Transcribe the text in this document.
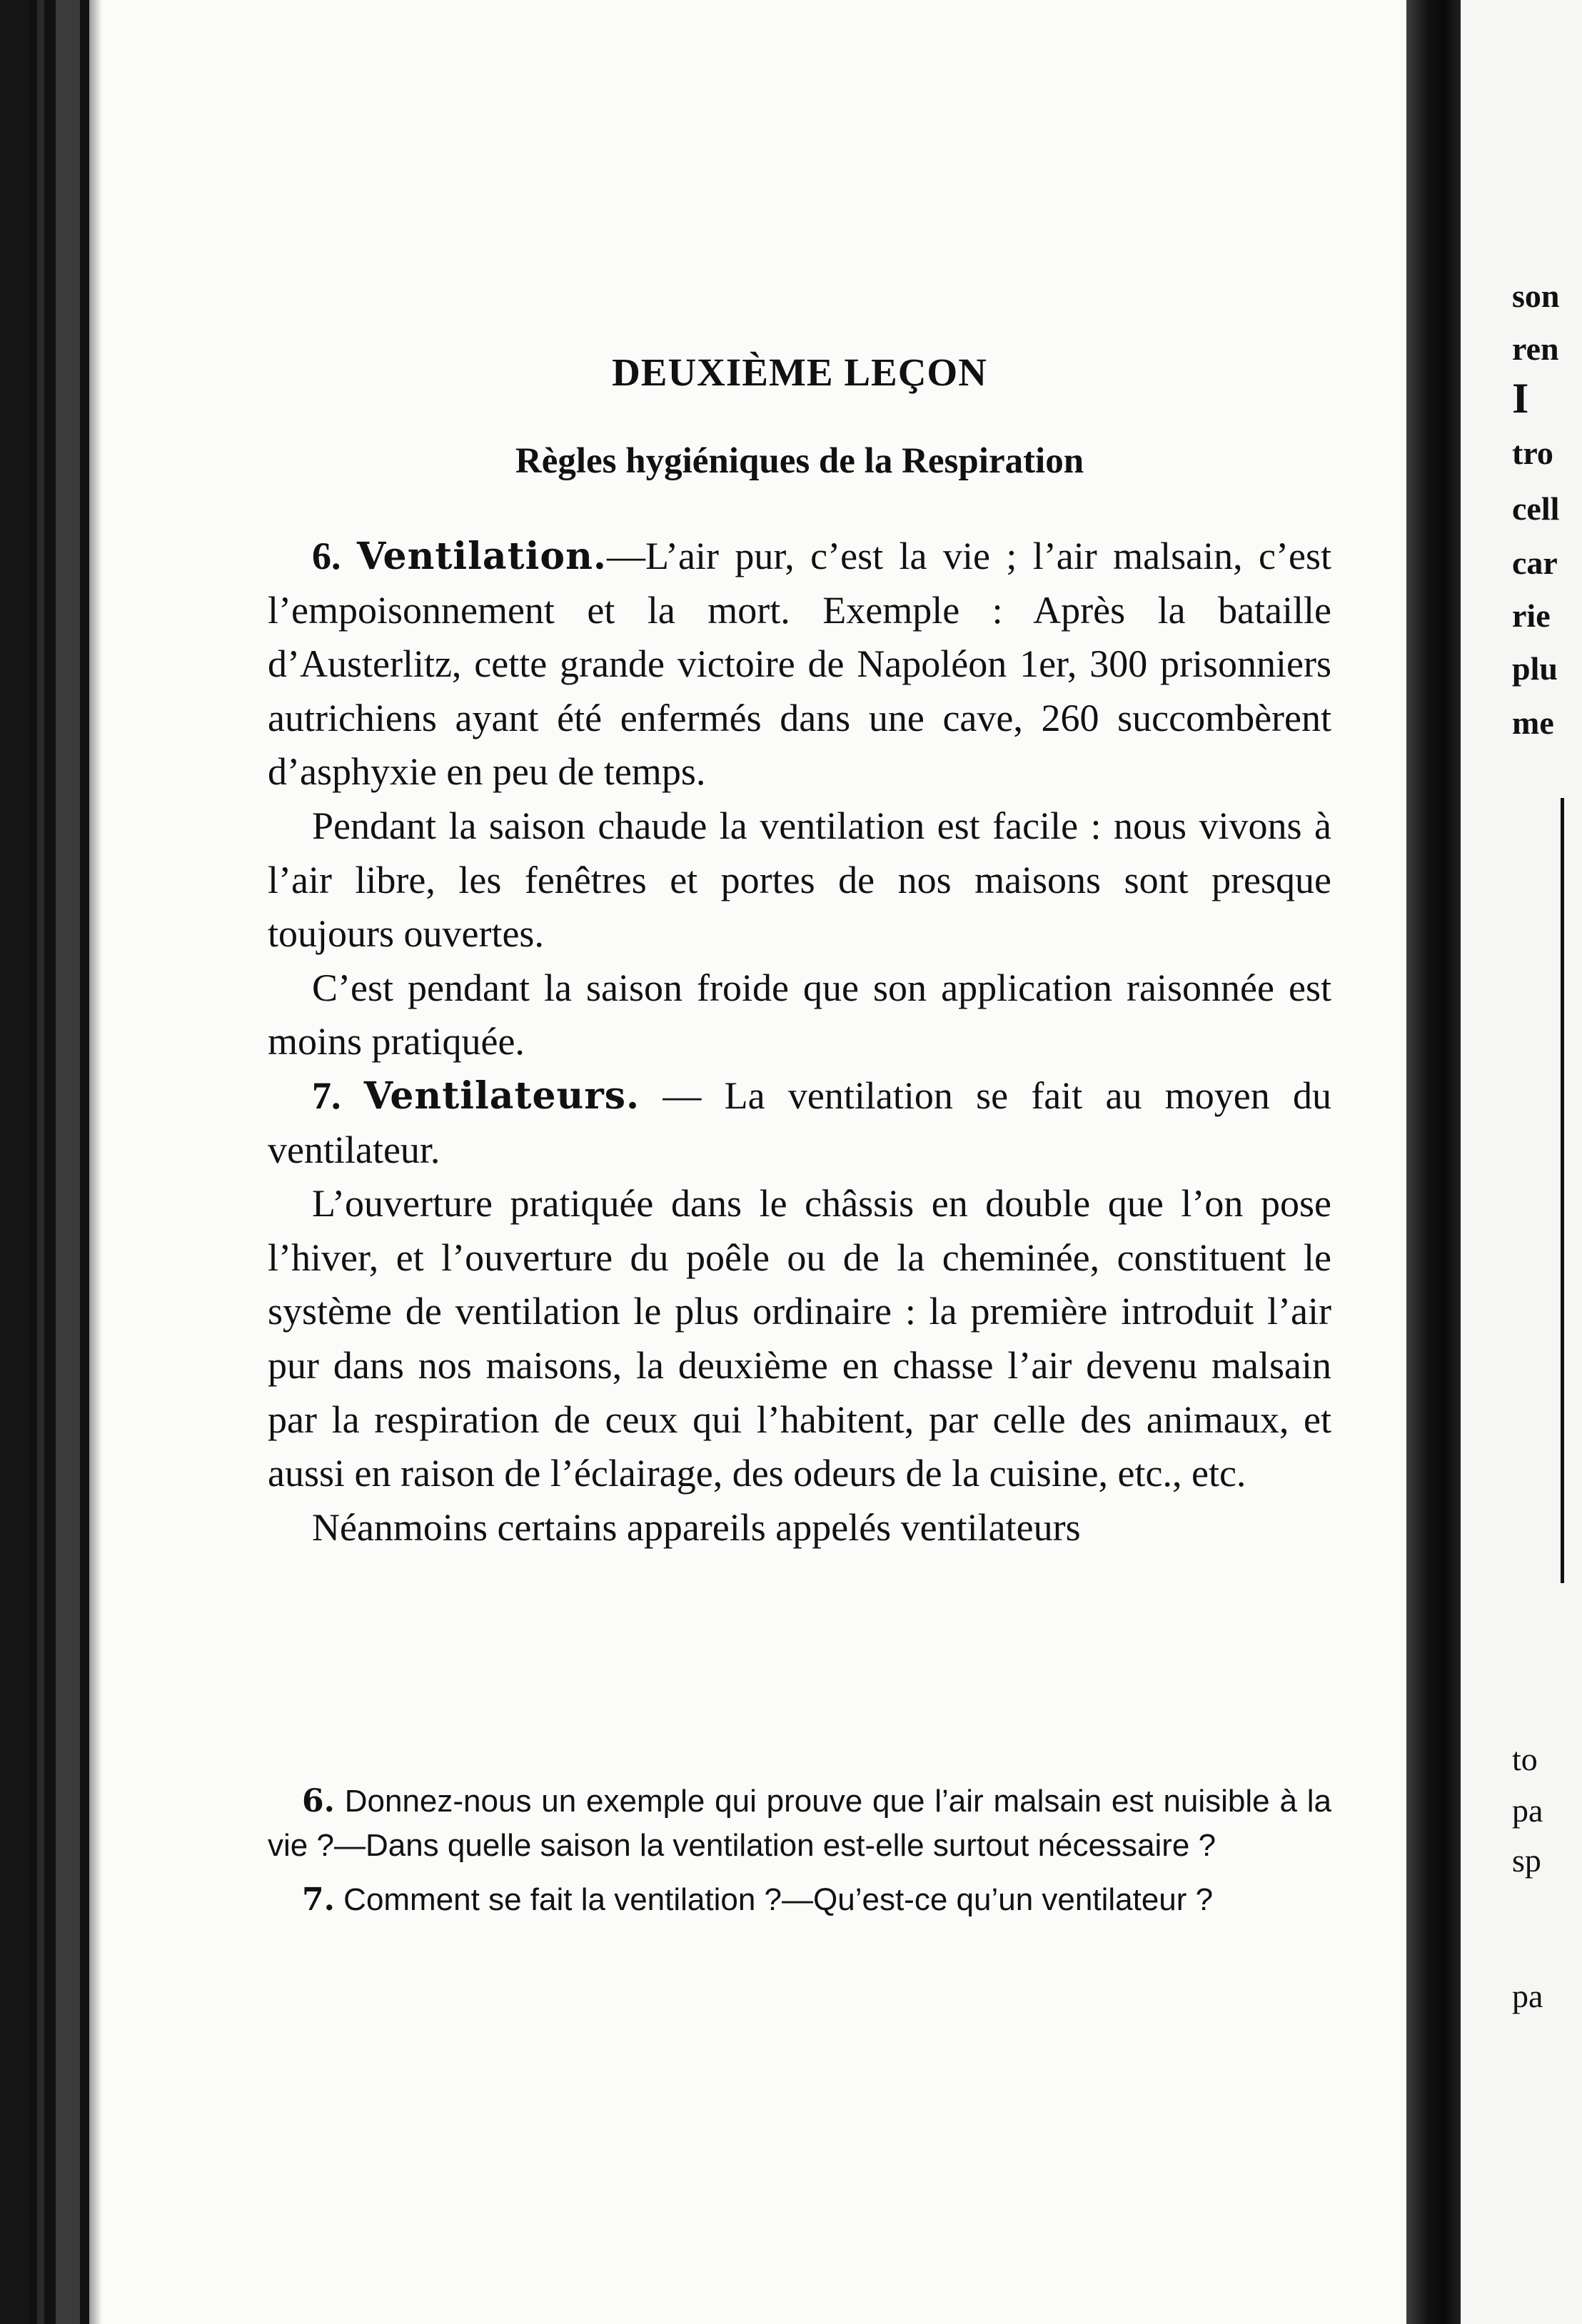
son
ren
I
tro
cell
car
rie
plu
me
to
pa
sp
pa
DEUXIÈME LEÇON
Règles hygiéniques de la Respiration

6. Ventilation.—L’air pur, c’est la vie ; l’air malsain, c’est l’empoisonnement et la mort. Exemple : Après la bataille d’Austerlitz, cette grande victoire de Napoléon 1er, 300 prisonniers autrichiens ayant été enfermés dans une cave, 260 succombèrent d’asphyxie en peu de temps.

Pendant la saison chaude la ventilation est facile : nous vivons à l’air libre, les fenêtres et portes de nos maisons sont presque toujours ouvertes.

C’est pendant la saison froide que son application raisonnée est moins pratiquée.

7. Ventilateurs. — La ventilation se fait au moyen du ventilateur.

L’ouverture pratiquée dans le châssis en double que l’on pose l’hiver, et l’ouverture du poêle ou de la cheminée, constituent le système de ventilation le plus ordinaire : la première introduit l’air pur dans nos maisons, la deuxième en chasse l’air devenu malsain par la respiration de ceux qui l’habitent, par celle des animaux, et aussi en raison de l’éclairage, des odeurs de la cuisine, etc., etc.

Néanmoins certains appareils appelés ventilateurs

6. Donnez-nous un exemple qui prouve que l’air malsain est nuisible à la vie ?—Dans quelle saison la ventilation est-elle surtout nécessaire ?

7. Comment se fait la ventilation ?—Qu’est-ce qu’un ventilateur ?
